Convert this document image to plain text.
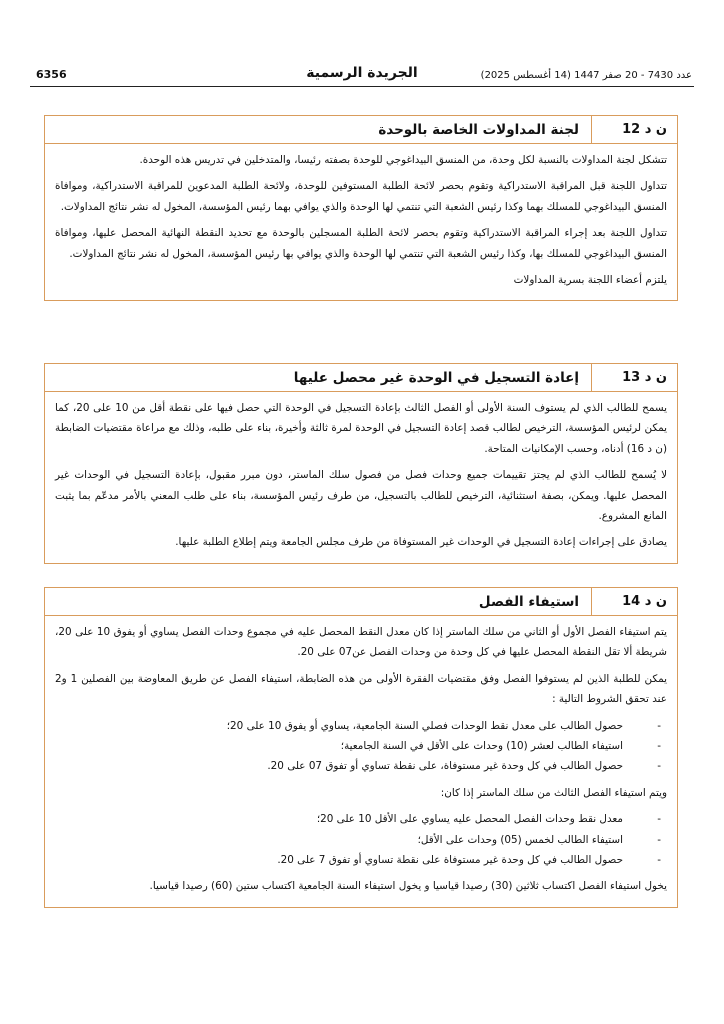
6356	الجريدة الرسمية	عدد 7430 - 20 صفر 1447 (14 أغسطس 2025)
ن د 12
لجنة المداولات الخاصة بالوحدة

تتشكل لجنة المداولات بالنسبة لكل وحدة، من المنسق البيداغوجي للوحدة بصفته رئيسا، والمتدخلين في تدريس هذه الوحدة.

تتداول اللجنة قبل المراقبة الاستدراكية وتقوم بحصر لائحة الطلبة المستوفين للوحدة، ولائحة الطلبة المدعوين للمراقبة الاستدراكية، وموافاة المنسق البيداغوجي للمسلك بهما وكذا رئيس الشعبة التي تنتمي لها الوحدة والذي يوافي بهما رئيس المؤسسة، المخول له نشر نتائج المداولات.

تتداول اللجنة بعد إجراء المراقبة الاستدراكية وتقوم بحصر لائحة الطلبة المسجلين بالوحدة مع تحديد النقطة النهائية المحصل عليها، وموافاة المنسق البيداغوجي للمسلك بها، وكذا رئيس الشعبة التي تنتمي لها الوحدة والذي يوافي بها رئيس المؤسسة، المخول له نشر نتائج المداولات.

يلتزم أعضاء اللجنة بسرية المداولات

ن د 13
إعادة التسجيل في الوحدة غير محصل عليها

يسمح للطالب الذي لم يستوف السنة الأولى أو الفصل الثالث بإعادة التسجيل في الوحدة التي حصل فيها على نقطة أقل من 10 على 20، كما يمكن لرئيس المؤسسة، الترخيص لطالب قصد إعادة التسجيل في الوحدة لمرة ثالثة وأخيرة، بناء على طلبه، وذلك مع مراعاة مقتضيات الضابطة (ن د 16) أدناه، وحسب الإمكانيات المتاحة.

لا يُسمح للطالب الذي لم يجتز تقييمات جميع وحدات فصل من فصول سلك الماستر، دون مبرر مقبول، بإعادة التسجيل في الوحدات غير المحصل عليها. ويمكن، بصفة استثنائية، الترخيص للطالب بالتسجيل، من طرف رئيس المؤسسة، بناء على طلب المعني بالأمر مدعّم بما يثبت المانع المشروع.

يصادق على إجراءات إعادة التسجيل في الوحدات غير المستوفاة من طرف مجلس الجامعة ويتم إطلاع الطلبة عليها.

ن د 14
استيفاء الفصل

يتم استيفاء الفصل الأول أو الثاني من سلك الماستر إذا كان معدل النقط المحصل عليه في مجموع وحدات الفصل يساوي أو يفوق 10 على 20، شريطة ألا تقل النقطة المحصل عليها في كل وحدة من وحدات الفصل عن07 على 20.

يمكن للطلبة الذين لم يستوفوا الفصل وفق مقتضيات الفقرة الأولى من هذه الضابطة، استيفاء الفصل عن طريق المعاوضة بين الفصلين 1 و2 عند تحقق الشروط التالية :

- حصول الطالب على معدل نقط الوحدات فصلي السنة الجامعية، يساوي أو يفوق 10 على 20؛
- استيفاء الطالب لعشر (10) وحدات على الأقل في السنة الجامعية؛
- حصول الطالب في كل وحدة غير مستوفاة، على نقطة تساوي أو تفوق 07 على 20.

ويتم استيفاء الفصل الثالث من سلك الماستر إذا كان:

- معدل نقط وحدات الفصل المحصل عليه يساوي على الأقل 10 على 20؛
- استيفاء الطالب لخمس (05) وحدات على الأقل؛
- حصول الطالب في كل وحدة غير مستوفاة على نقطة تساوي أو تفوق 7 على 20.

يخول استيفاء الفصل اكتساب ثلاثين (30) رصيدا قياسيا و يخول استيفاء السنة الجامعية اكتساب ستين (60) رصيدا قياسيا.
